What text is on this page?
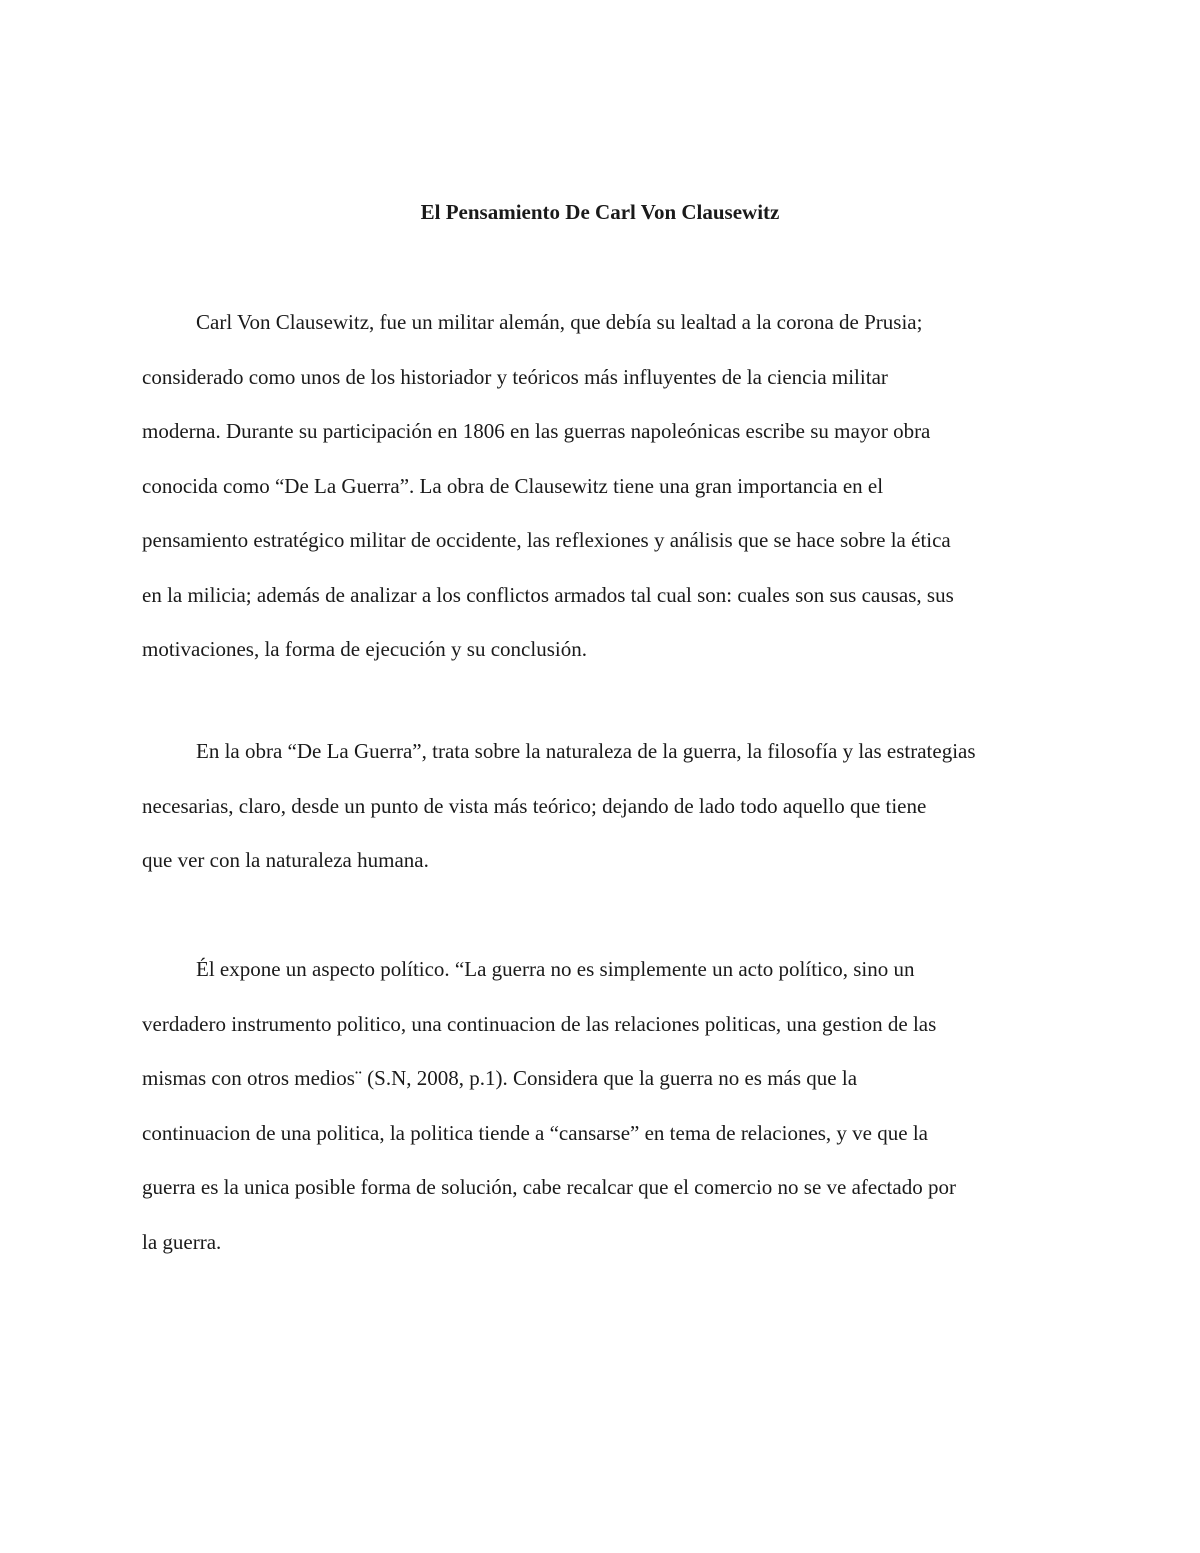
El Pensamiento De Carl Von Clausewitz

Carl Von Clausewitz, fue un militar alemán, que debía su lealtad a la corona de Prusia;
considerado como unos de los historiador y teóricos más influyentes de la ciencia militar
moderna. Durante su participación en 1806 en las guerras napoleónicas escribe su mayor obra
conocida como “De La Guerra”. La obra de Clausewitz tiene una gran importancia en el
pensamiento estratégico militar de occidente, las reflexiones y análisis que se hace sobre la ética
en la milicia; además de analizar a los conflictos armados tal cual son: cuales son sus causas, sus
motivaciones, la forma de ejecución y su conclusión.

En la obra “De La Guerra”, trata sobre la naturaleza de la guerra, la filosofía y las estrategias
necesarias, claro, desde un punto de vista más teórico; dejando de lado todo aquello que tiene
que ver con la naturaleza humana.

Él expone un aspecto político. “La guerra no es simplemente un acto político, sino un
verdadero instrumento politico, una continuacion de las relaciones politicas, una gestion de las
mismas con otros medios¨ (S.N, 2008, p.1). Considera que la guerra no es más que la
continuacion de una politica, la politica tiende a “cansarse” en tema de relaciones, y ve que la
guerra es la unica posible forma de solución, cabe recalcar que el comercio no se ve afectado por
la guerra.
